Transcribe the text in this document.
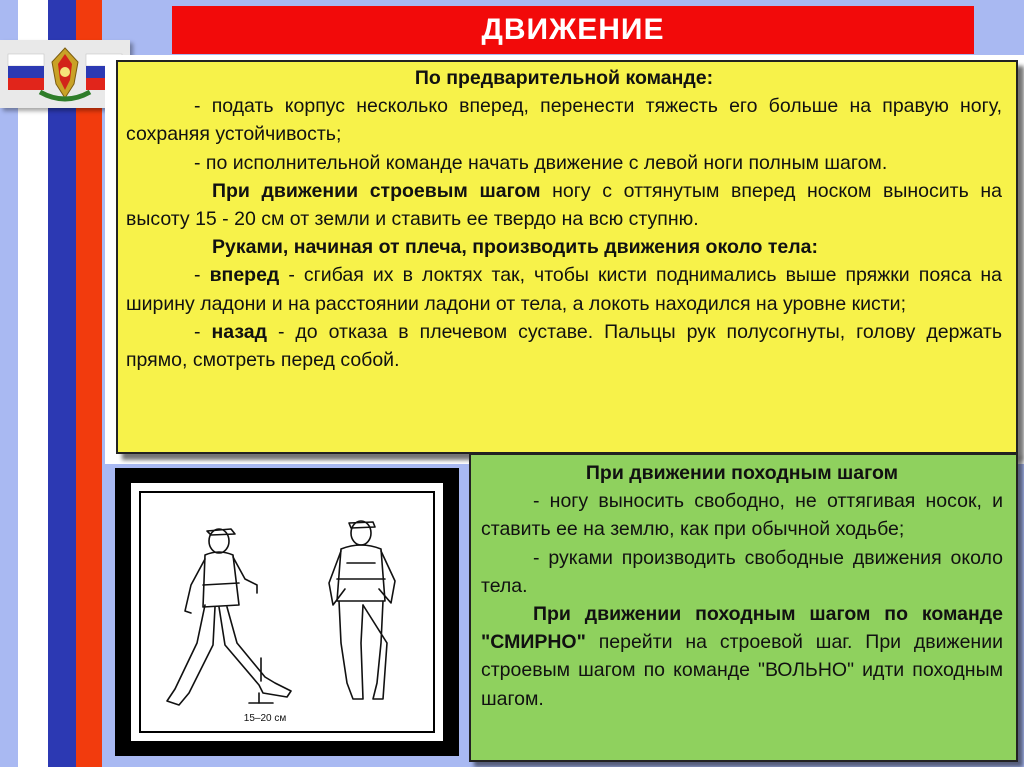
ДВИЖЕНИЕ

По предварительной команде:

- подать корпус несколько вперед, перенести тяжесть его больше на правую ногу, сохраняя устойчивость;

- по исполнительной команде начать движение с левой ноги полным шагом.

При движении строевым шагом ногу с оттянутым вперед носком выносить на высоту 15 - 20 см от земли и ставить ее твердо на всю ступню.

Руками, начиная от плеча, производить движения около тела:

- вперед - сгибая их в локтях так, чтобы кисти поднимались выше пряжки пояса на ширину ладони и на расстоянии ладони от тела, а локоть находился на уровне кисти;

- назад - до отказа в плечевом суставе. Пальцы рук полусогнуты, голову держать прямо, смотреть перед собой.

15–20 см

При движении походным шагом

- ногу выносить свободно, не оттягивая носок, и ставить ее на землю, как при обычной ходьбе;

- руками производить свободные движения около тела.

При движении походным шагом по команде "СМИРНО" перейти на строевой шаг. При движении строевым шагом по команде "ВОЛЬНО" идти походным шагом.
